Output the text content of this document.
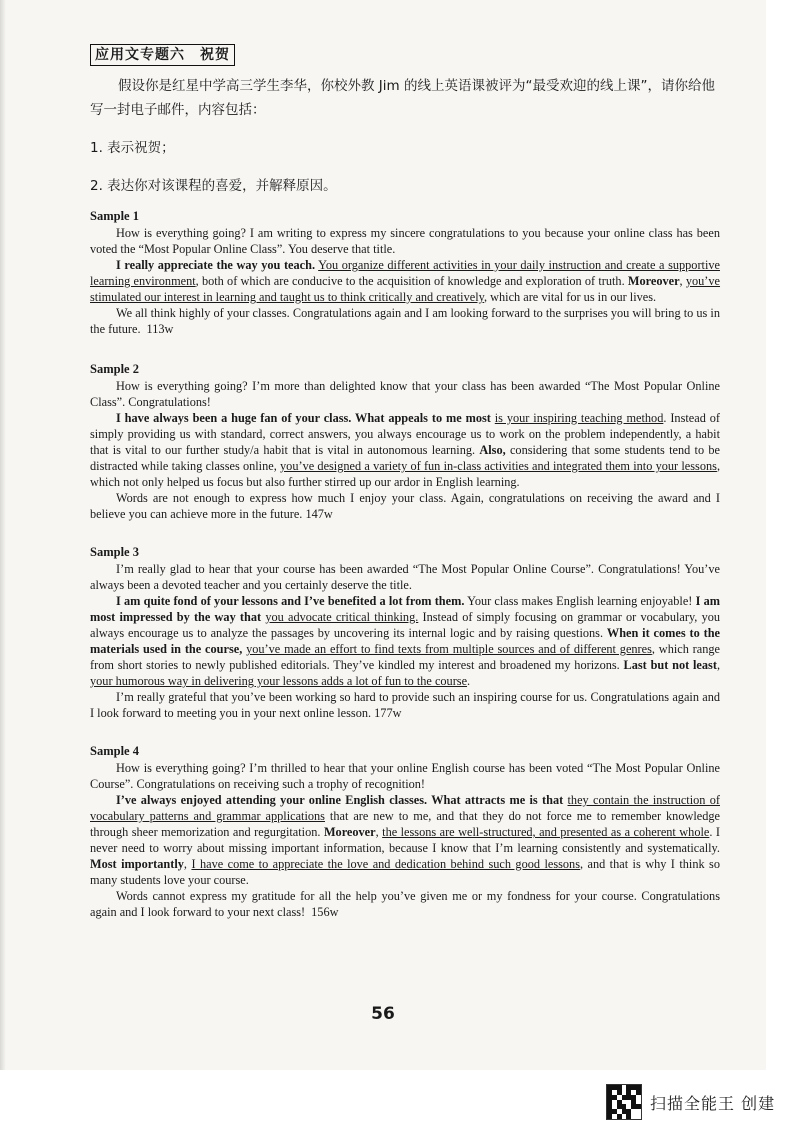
应用文专题六　祝贺

假设你是红星中学高三学生李华，你校外教 Jim 的线上英语课被评为“最受欢迎的线上课”，请你给他写一封电子邮件，内容包括：

1. 表示祝贺；

2. 表达你对该课程的喜爱，并解释原因。

Sample 1

How is everything going? I am writing to express my sincere congratulations to you because your online class has been voted the “Most Popular Online Class”. You deserve that title.

I really appreciate the way you teach. You organize different activities in your daily instruction and create a supportive learning environment, both of which are conducive to the acquisition of knowledge and exploration of truth. Moreover, you’ve stimulated our interest in learning and taught us to think critically and creatively, which are vital for us in our lives.

We all think highly of your classes. Congratulations again and I am looking forward to the surprises you will bring to us in the future. 113w

Sample 2

How is everything going? I’m more than delighted know that your class has been awarded “The Most Popular Online Class”. Congratulations!

I have always been a huge fan of your class. What appeals to me most is your inspiring teaching method. Instead of simply providing us with standard, correct answers, you always encourage us to work on the problem independently, a habit that is vital to our further study/a habit that is vital in autonomous learning. Also, considering that some students tend to be distracted while taking classes online, you’ve designed a variety of fun in-class activities and integrated them into your lessons, which not only helped us focus but also further stirred up our ardor in English learning.

Words are not enough to express how much I enjoy your class. Again, congratulations on receiving the award and I believe you can achieve more in the future. 147w

Sample 3

I’m really glad to hear that your course has been awarded “The Most Popular Online Course”. Congratulations! You’ve always been a devoted teacher and you certainly deserve the title.

I am quite fond of your lessons and I’ve benefited a lot from them. Your class makes English learning enjoyable! I am most impressed by the way that you advocate critical thinking. Instead of simply focusing on grammar or vocabulary, you always encourage us to analyze the passages by uncovering its internal logic and by raising questions. When it comes to the materials used in the course, you’ve made an effort to find texts from multiple sources and of different genres, which range from short stories to newly published editorials. They’ve kindled my interest and broadened my horizons. Last but not least, your humorous way in delivering your lessons adds a lot of fun to the course.

I’m really grateful that you’ve been working so hard to provide such an inspiring course for us. Congratulations again and I look forward to meeting you in your next online lesson. 177w

Sample 4

How is everything going? I’m thrilled to hear that your online English course has been voted “The Most Popular Online Course”. Congratulations on receiving such a trophy of recognition!

I’ve always enjoyed attending your online English classes. What attracts me is that they contain the instruction of vocabulary patterns and grammar applications that are new to me, and that they do not force me to remember knowledge through sheer memorization and regurgitation. Moreover, the lessons are well-structured, and presented as a coherent whole. I never need to worry about missing important information, because I know that I’m learning consistently and systematically. Most importantly, I have come to appreciate the love and dedication behind such good lessons, and that is why I think so many students love your course.

Words cannot express my gratitude for all the help you’ve given me or my fondness for your course. Congratulations again and I look forward to your next class! 156w

56
扫描全能王 创建
